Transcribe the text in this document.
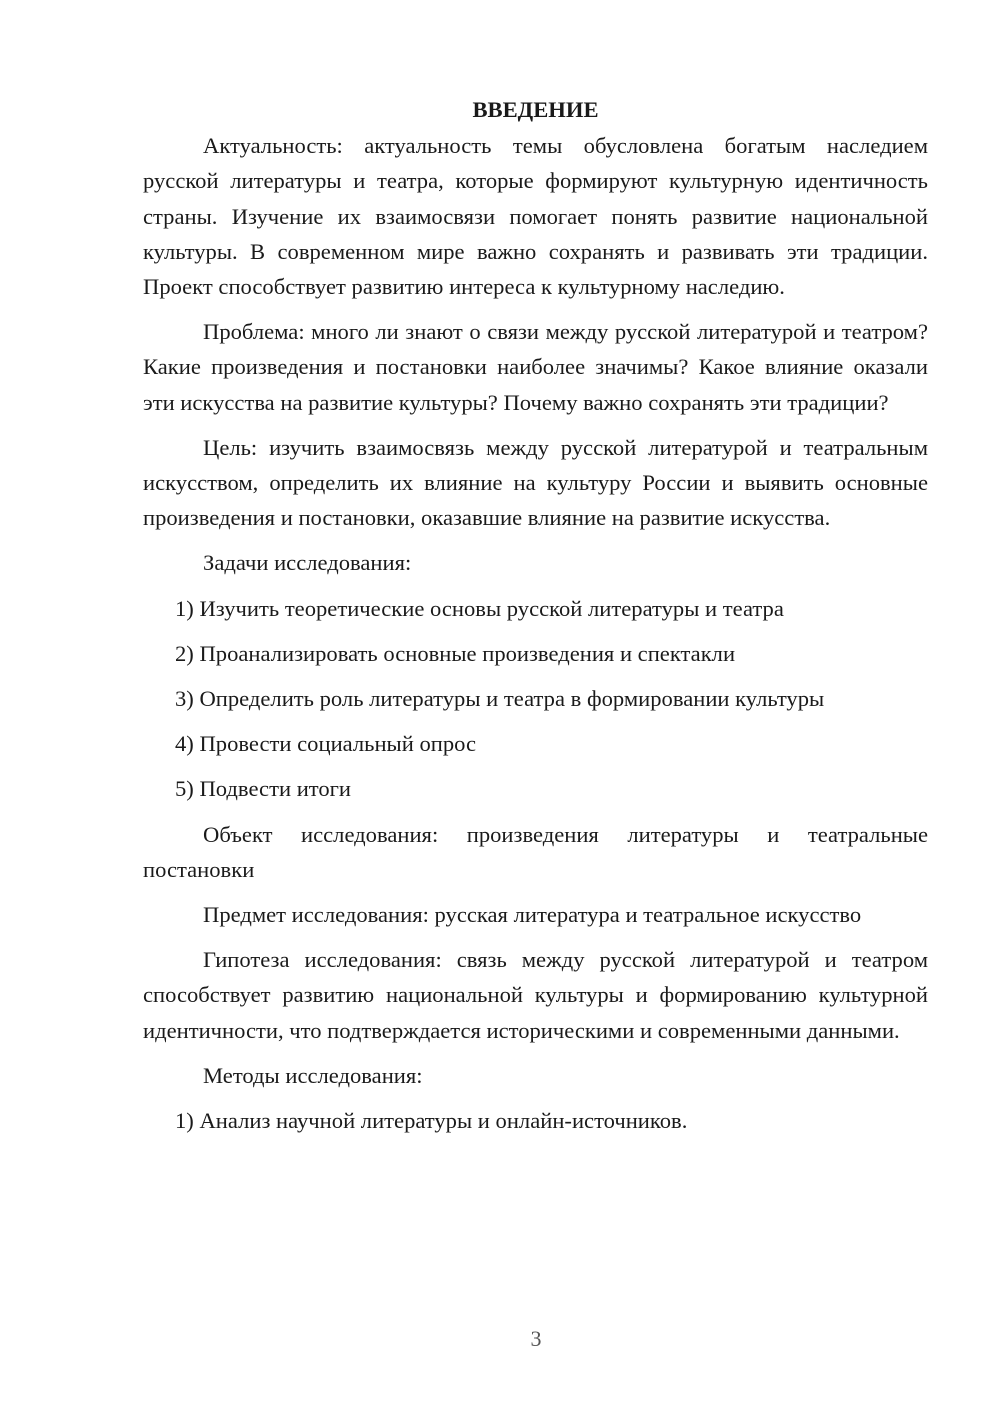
ВВЕДЕНИЕ

Актуальность: актуальность темы обусловлена богатым наследием русской литературы и театра, которые формируют культурную идентичность страны. Изучение их взаимосвязи помогает понять развитие национальной культуры. В современном мире важно сохранять и развивать эти традиции. Проект способствует развитию интереса к культурному наследию.

Проблема: много ли знают о связи между русской литературой и театром? Какие произведения и постановки наиболее значимы? Какое влияние оказали эти искусства на развитие культуры? Почему важно сохранять эти традиции?

Цель: изучить взаимосвязь между русской литературой и театральным искусством, определить их влияние на культуру России и выявить основные произведения и постановки, оказавшие влияние на развитие искусства.

Задачи исследования:

1) Изучить теоретические основы русской литературы и театра
2) Проанализировать основные произведения и спектакли
3) Определить роль литературы и театра в формировании культуры
4) Провести социальный опрос
5) Подвести итоги

Объект исследования: произведения литературы и театральные постановки

Предмет исследования: русская литература и театральное искусство

Гипотеза исследования: связь между русской литературой и театром способствует развитию национальной культуры и формированию культурной идентичности, что подтверждается историческими и современными данными.

Методы исследования:

1) Анализ научной литературы и онлайн-источников.
3
